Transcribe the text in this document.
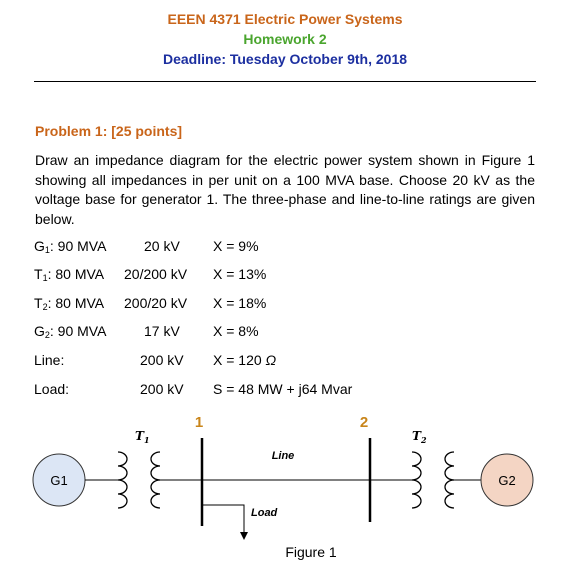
EEEN 4371 Electric Power Systems
Homework 2
Deadline: Tuesday October 9th, 2018
Problem 1: [25 points]
Draw an impedance diagram for the electric power system shown in Figure 1 showing all impedances in per unit on a 100 MVA base. Choose 20 kV as the voltage base for generator 1. The three-phase and line-to-line ratings are given below.
$G_1$: 90 MVA	20 kV X = 9%
$T_1$: 80 MVA 20/200 kV X = 13%
$T_2$: 80 MVA 200/20 kV X = 18%
$G_2$: 90 MVA	17 kV X = 8%
Line:	200 kV X = 120 Ω
Load:	200 kV S = 48 MW + j64 Mvar
G1
$T_1$
1
Line
Load
2
$T_2$
G2
Figure 1
